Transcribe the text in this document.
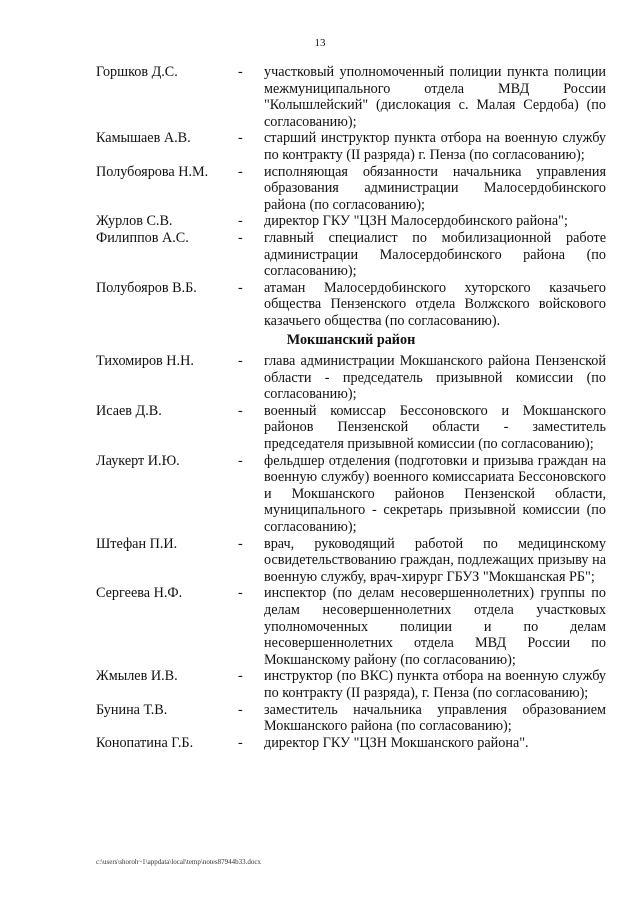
13
Горшков Д.С.	-	участковый уполномоченный полиции пункта полиции межмуниципального отдела МВД России "Колышлейский" (дислокация с. Малая Сердоба) (по согласованию);
Камышаев А.В.	-	старший инструктор пункта отбора на военную службу по контракту (II разряда) г. Пенза (по согласованию);
Полубоярова Н.М.	-	исполняющая обязанности начальника управления образования администрации Малосердобинского района (по согласованию);
Журлов С.В.	-	директор ГКУ "ЦЗН Малосердобинского района";
Филиппов А.С.	-	главный специалист по мобилизационной работе администрации Малосердобинского района (по согласованию);
Полубояров В.Б.	-	атаман Малосердобинского хуторского казачьего общества Пензенского отдела Волжского войскового казачьего общества (по согласованию).
Мокшанский район
Тихомиров Н.Н.	-	глава администрации Мокшанского района Пензенской области - председатель призывной комиссии (по согласованию);
Исаев Д.В.	-	военный комиссар Бессоновского и Мокшанского районов Пензенской области - заместитель председателя призывной комиссии (по согласованию);
Лаукерт И.Ю.	-	фельдшер отделения (подготовки и призыва граждан на военную службу) военного комиссариата Бессоновского и Мокшанского районов Пензенской области, муниципального - секретарь призывной комиссии (по согласованию);
Штефан П.И.	-	врач, руководящий работой по медицинскому освидетельствованию граждан, подлежащих призыву на военную службу, врач-хирург ГБУЗ "Мокшанская РБ";
Сергеева Н.Ф.	-	инспектор (по делам несовершеннолетних) группы по делам несовершеннолетних отдела участковых уполномоченных полиции и по делам несовершеннолетних отдела МВД России по Мокшанскому району (по согласованию);
Жмылев И.В.	-	инструктор (по ВКС) пункта отбора на военную службу по контракту (II разряда), г. Пенза (по согласованию);
Бунина Т.В.	-	заместитель начальника управления образованием Мокшанского района (по согласованию);
Конопатина Г.Б.	-	директор ГКУ "ЦЗН Мокшанского района".
c:\users\shoroh~1\appdata\local\temp\notes87944b33.docx
